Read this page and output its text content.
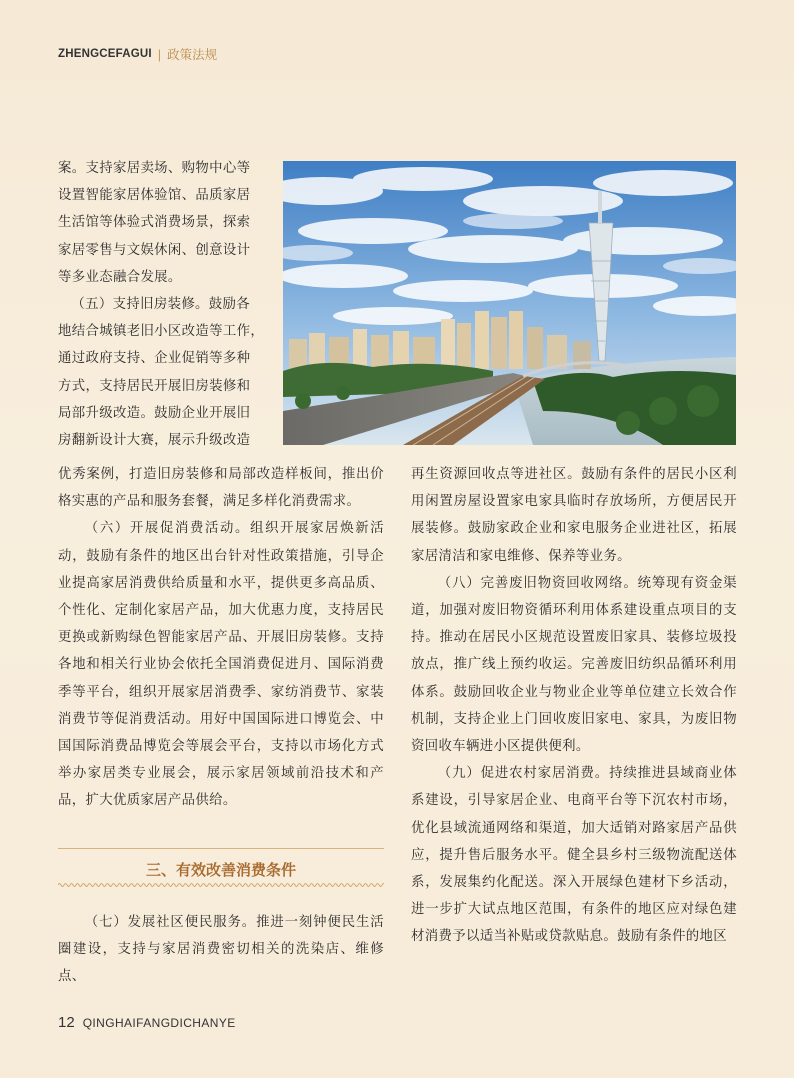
ZHENGCEFAGUI | 政策法规

案。支持家居卖场、购物中心等

设置智能家居体验馆、品质家居

生活馆等体验式消费场景，探索

家居零售与文娱休闲、创意设计

等多业态融合发展。

（五）支持旧房装修。鼓励各

地结合城镇老旧小区改造等工作，

通过政府支持、企业促销等多种

方式，支持居民开展旧房装修和

局部升级改造。鼓励企业开展旧

房翻新设计大赛，展示升级改造

优秀案例，打造旧房装修和局部改造样板间，推出价格实惠的产品和服务套餐，满足多样化消费需求。

（六）开展促消费活动。组织开展家居焕新活动，鼓励有条件的地区出台针对性政策措施，引导企业提高家居消费供给质量和水平，提供更多高品质、个性化、定制化家居产品，加大优惠力度，支持居民更换或新购绿色智能家居产品、开展旧房装修。支持各地和相关行业协会依托全国消费促进月、国际消费季等平台，组织开展家居消费季、家纺消费节、家装消费节等促消费活动。用好中国国际进口博览会、中国国际消费品博览会等展会平台，支持以市场化方式举办家居类专业展会，展示家居领域前沿技术和产品，扩大优质家居产品供给。

三、有效改善消费条件

（七）发展社区便民服务。推进一刻钟便民生活圈建设，支持与家居消费密切相关的洗染店、维修点、

再生资源回收点等进社区。鼓励有条件的居民小区利用闲置房屋设置家电家具临时存放场所，方便居民开展装修。鼓励家政企业和家电服务企业进社区，拓展家居清洁和家电维修、保养等业务。

（八）完善废旧物资回收网络。统筹现有资金渠道，加强对废旧物资循环利用体系建设重点项目的支持。推动在居民小区规范设置废旧家具、装修垃圾投放点，推广线上预约收运。完善废旧纺织品循环利用体系。鼓励回收企业与物业企业等单位建立长效合作机制，支持企业上门回收废旧家电、家具，为废旧物资回收车辆进小区提供便利。

（九）促进农村家居消费。持续推进县域商业体系建设，引导家居企业、电商平台等下沉农村市场，优化县域流通网络和渠道，加大适销对路家居产品供应，提升售后服务水平。健全县乡村三级物流配送体系，发展集约化配送。深入开展绿色建材下乡活动，进一步扩大试点地区范围，有条件的地区应对绿色建材消费予以适当补贴或贷款贴息。鼓励有条件的地区

12 QINGHAIFANGDICHANYE
